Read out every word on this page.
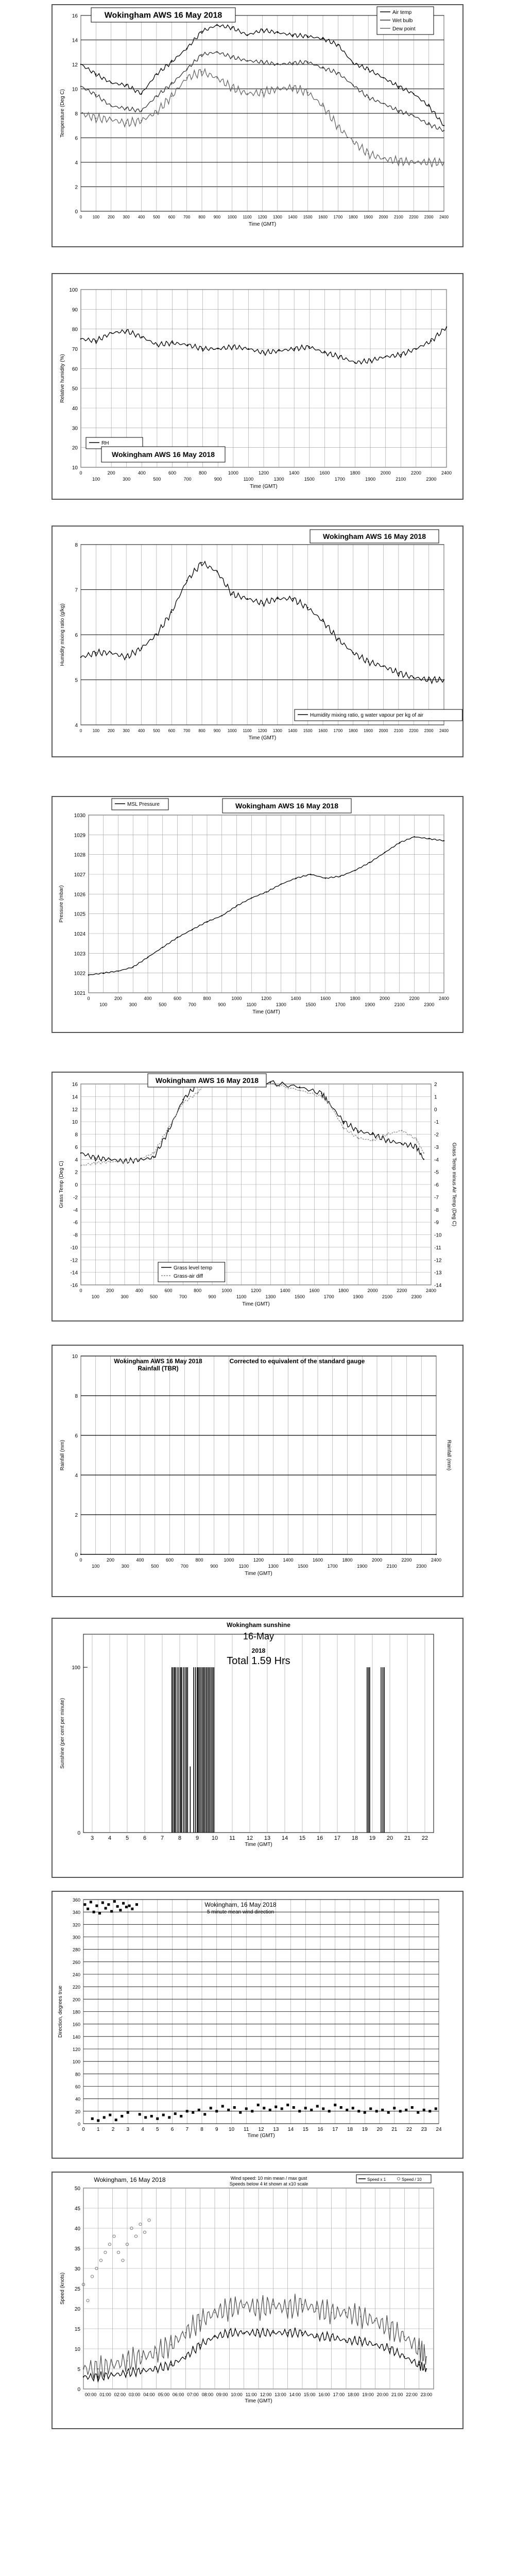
0
2
4
6
8
10
12
14
16
0	100 200 300 400 500 600 700 800 900 1000 1100 1200 1300 1400 1500 1600 1700 1800 1900 2000 2100 2200 2300 2400
Time (GMT)
Temperature (Deg C)
Wokingham AWS 16 May 2018	Air temp
Wet bulb
Dew point
10
20
30
40
50
60
70
80
90
100
0	200	400	600	800	1000	1200	1400	1600	1800	2000	2200	2400
100	300	500	700	900	1100	1300	1500	1700	1900	2100	2300
Time (GMT)
Relative humidity (%)
RH
Wokingham AWS 16 May 2018
4
5
6
7
8
0	100 200 300 400 500 600 700 800 900 1000 1100 1200 1300 1400 1500 1600 1700 1800 1900 2000 2100 2200 2300 2400
Time (GMT)
Humidity mixing ratio (g/kg)
Wokingham AWS 16 May 2018
Humidity mixing ratio, g water vapour per kg of air
1021
1022
1023
1024
1025
1026
1027
1028
1029
1030
0	200	400	600	800	1000	1200	1400	1600	1800	2000	2200	2400
100	300	500	700	900	1100	1300	1500	1700	1900	2100	2300
Time (GMT)
Pressure (mbar)
MSL Pressure	Wokingham AWS 16 May 2018
16
14
12
10
8
6
4
2
0
-2
-4
-6
-8
-10
-12
-14
-16
2
1
0
-1
-2
-3
-4
-5
-6
-7
-8
-9
-10
-11
-12
-13
-14
0	200	400	600	800	1000	1200	1400	1600	1800	2000	2200	2400
100	300	500	700	900	1100	1300	1500	1700	1900	2100	2300
Time (GMT)
Grass Temp (Deg C)	Grass Temp minus Air Temp (Deg C)
Wokingham AWS 16 May 2018
Grass level temp
Grass-air diff
0
2
4
6
8
10
0	200	400	600	800	1000	1200	1400	1600	1800	2000	2200	2400
100	300	500	700	900	1100	1300	1500	1700	1900	2100	2300
Time (GMT)
Rainfall (mm)	Rainfall (mm)
Wokingham AWS 16 May 2018
Rainfall (TBR)
Corrected to equivalent of the standard gauge
0
100
3	4	5	6	7	8	9 10 11 12 13 14 15 16 17 18 19 20 21 22
Time (GMT)
Sunshine (per cent per minute)
Wokingham sunshine
16-May
2018
Total 1.59 Hrs
0
20
40
60
80
100
120
140
160
180
200
220
240
260
280
300
320
340
360
0 1 2 3 4 5 6 7 8 9 10 11 12 13 14 15 16 17 18 19 20 21 22 23 24
Time (GMT)
Direction, degrees true
Wokingham, 16 May 2018
5 minute mean wind direction
0
5
10
15
20
25
30
35
40
45
50
00:00 01:00 02:00 03:00 04:00 05:00 06:00 07:00 08:00 09:00 10:00 11:00 12:00 13:00 14:00 15:00 16:00 17:00 18:00 19:00 20:00 21:00 22:00 23:00
Time (GMT)
Speed (knots)
Wokingham, 16 May 2018	Wind speed: 10 min mean / max gust
Speeds below 4 kt shown at x10 scale
Speed x 1	Speed / 10
